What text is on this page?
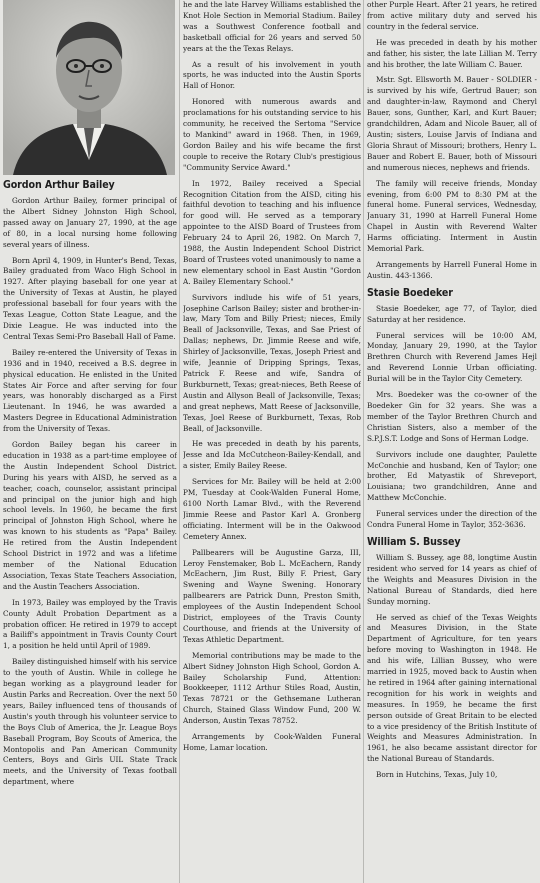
Gordon Arthur Bailey

Gordon Arthur Bailey, former principal of the Albert Sidney Johnston High School, passed away on January 27, 1990, at the age of 80, in a local nursing home following several years of illness.

Born April 4, 1909, in Hunter's Bend, Texas, Bailey graduated from Waco High School in 1927. After playing baseball for one year at the University of Texas at Austin, he played professional baseball for four years with the Texas League, Cotton State League, and the Dixie League. He was inducted into the Central Texas Semi-Pro Baseball Hall of Fame.

Bailey re-entered the University of Texas in 1936 and in 1940, received a B.S. degree in physical education. He enlisted in the United States Air Force and after serving for four years, was honorably discharged as a First Lieutenant. In 1946, he was awarded a Masters Degree in Educational Administration from the University of Texas.

Gordon Bailey began his career in education in 1938 as a part-time employee of the Austin Independent School District. During his years with AISD, he served as a teacher, coach, counselor, assistant principal and principal on the junior high and high school levels. In 1960, he became the first principal of Johnston High School, where he was known to his students as "Papa" Bailey. He retired from the Austin Independent School District in 1972 and was a lifetime member of the National Education Association, Texas State Teachers Association, and the Austin Teachers Association.

In 1973, Bailey was employed by the Travis County Adult Probation Department as a probation officer. He retired in 1979 to accept a Bailiff's appointment in Travis County Court 1, a position he held until April of 1989.

Bailey distinguished himself with his service to the youth of Austin. While in college he began working as a playground leader for Austin Parks and Recreation. Over the next 50 years, Bailey influenced tens of thousands of Austin's youth through his volunteer service to the Boys Club of America, the Jr. League Boys Baseball Program, Boy Scouts of America, the Montopolis and Pan American Community Centers, Boys and Girls UIL State Track meets, and the University of Texas football department, where

he and the late Harvey Williams established the Knot Hole Section in Memorial Stadium. Bailey was a Southwest Conference football and basketball official for 26 years and served 50 years at the the Texas Relays.

As a result of his involvement in youth sports, he was inducted into the Austin Sports Hall of Honor.

Honored with numerous awards and proclamations for his outstanding service to his community, he received the Sertoma "Service to Mankind" award in 1968. Then, in 1969, Gordon Bailey and his wife became the first couple to receive the Rotary Club's prestigious "Community Service Award."

In 1972, Bailey received a Special Recognition Citation from the AISD, citing his faithful devotion to teaching and his influence for good will. He served as a temporary appointee to the AISD Board of Trustees from February 24 to April 26, 1982. On March 7, 1988, the Austin Independent School District Board of Trustees voted unanimously to name a new elementary school in East Austin "Gordon A. Bailey Elementary School."

Survivors indlude his wife of 51 years, Josephine Carlson Bailey; sister and brother-in-law, Mary Tom and Billy Priest; nieces, Emily Beall of Jacksonville, Texas, and Sae Priest of Dallas; nephews, Dr. Jimmie Reese and wife, Shirley of Jacksonville, Texas, Joseph Priest and wife, Jeannie of Dripping Springs, Texas, Patrick F. Reese and wife, Sandra of Burkburnett, Texas; great-nieces, Beth Reese of Austin and Allyson Beall of Jacksonville, Texas; and great nephews, Matt Reese of Jacksonville, Texas, Joel Reese of Burkburnett, Texas, Rob Beall, of Jacksonville.

He was preceded in death by his parents, Jesse and Ida McCutcheon-Bailey-Kendall, and a sister, Emily Bailey Reese.

Services for Mr. Bailey will be held at 2:00 PM, Tuesday at Cook-Walden Funeral Home, 6100 North Lamar Blvd., with the Reverend Jimmie Reese and Pastor Karl A. Gronberg officiating. Interment will be in the Oakwood Cemetery Annex.

Pallbearers will be Augustine Garza, III, Leroy Fenstemaker, Bob L. McEachern, Randy McEachern, Jim Rust, Billy F. Priest, Gary Swening and Wayne Swening. Honorary pallbearers are Patrick Dunn, Preston Smith, employees of the Austin Independent School District, employees of the Travis County Courthouse, and friends at the University of Texas Athletic Department.

Memorial contributions may be made to the Albert Sidney Johnston High School, Gordon A. Bailey Scholarship Fund, Attention: Bookkeeper, 1112 Arthur Stiles Road, Austin, Texas 78721 or the Gethsemane Lutheran Church, Stained Glass Window Fund, 200 W. Anderson, Austin Texas 78752.

Arrangements by Cook-Walden Funeral Home, Lamar location.

other Purple Heart. After 21 years, he retired from active military duty and served his country in the federal service.

He was preceded in death by his mother and father, his sister, the late Lillian M. Terry and his brother, the late William C. Bauer.

Mstr. Sgt. Ellsworth M. Bauer - SOLDIER - is survived by his wife, Gertrud Bauer; son and daughter-in-law, Raymond and Cheryl Bauer, sons, Gunther, Karl, and Kurt Bauer; grandchildren, Adam and Nicole Bauer, all of Austin; sisters, Louise Jarvis of Indiana and Gloria Shraut of Missouri; brothers, Henry L. Bauer and Robert E. Bauer, both of Missouri and numerous nieces, nephews and friends.

The family will receive friends, Monday evening, from 6:00 PM to 8:30 PM at the funeral home. Funeral services, Wednesday, January 31, 1990 at Harrell Funeral Home Chapel in Austin with Reverend Walter Harms officiating. Interment in Austin Memorial Park.

Arrangements by Harrell Funeral Home in Austin. 443-1366.

Stasie Boedeker

Stasie Boedeker, age 77, of Taylor, died Saturday at her residence.

Funeral services will be 10:00 AM, Monday, January 29, 1990, at the Taylor Brethren Church with Reverend James Hejl and Reverend Lonnie Urban officiating. Burial will be in the Taylor City Cemetery.

Mrs. Boedeker was the co-owner of the Boedeker Gin for 32 years. She was a member of the Taylor Brethren Church and Christian Sisters, also a member of the S.P.J.S.T. Lodge and Sons of Herman Lodge.

Survivors include one daughter, Paulette McConchie and husband, Ken of Taylor; one brother, Ed Matyastik of Shreveport, Louisiana; two grandchildren, Anne and Matthew McConchie.

Funeral services under the direction of the Condra Funeral Home in Taylor, 352-3636.

William S. Bussey

William S. Bussey, age 88, longtime Austin resident who served for 14 years as chief of the Weights and Measures Division in the National Bureau of Standards, died here Sunday morning.

He served as chief of the Texas Weights and Measures Division, in the State Department of Agriculture, for ten years before moving to Washington in 1948. He and his wife, Lillian Bussey, who were married in 1925, moved back to Austin when he retired in 1964 after gaining international recognition for his work in weights and measures. In 1959, he became the first person outside of Great Britain to be elected to a vice presidency of the British Institute of Weights and Measures Administration. In 1961, he also became assistant director for the National Bureau of Standards.

Born in Hutchins, Texas, July 10,
